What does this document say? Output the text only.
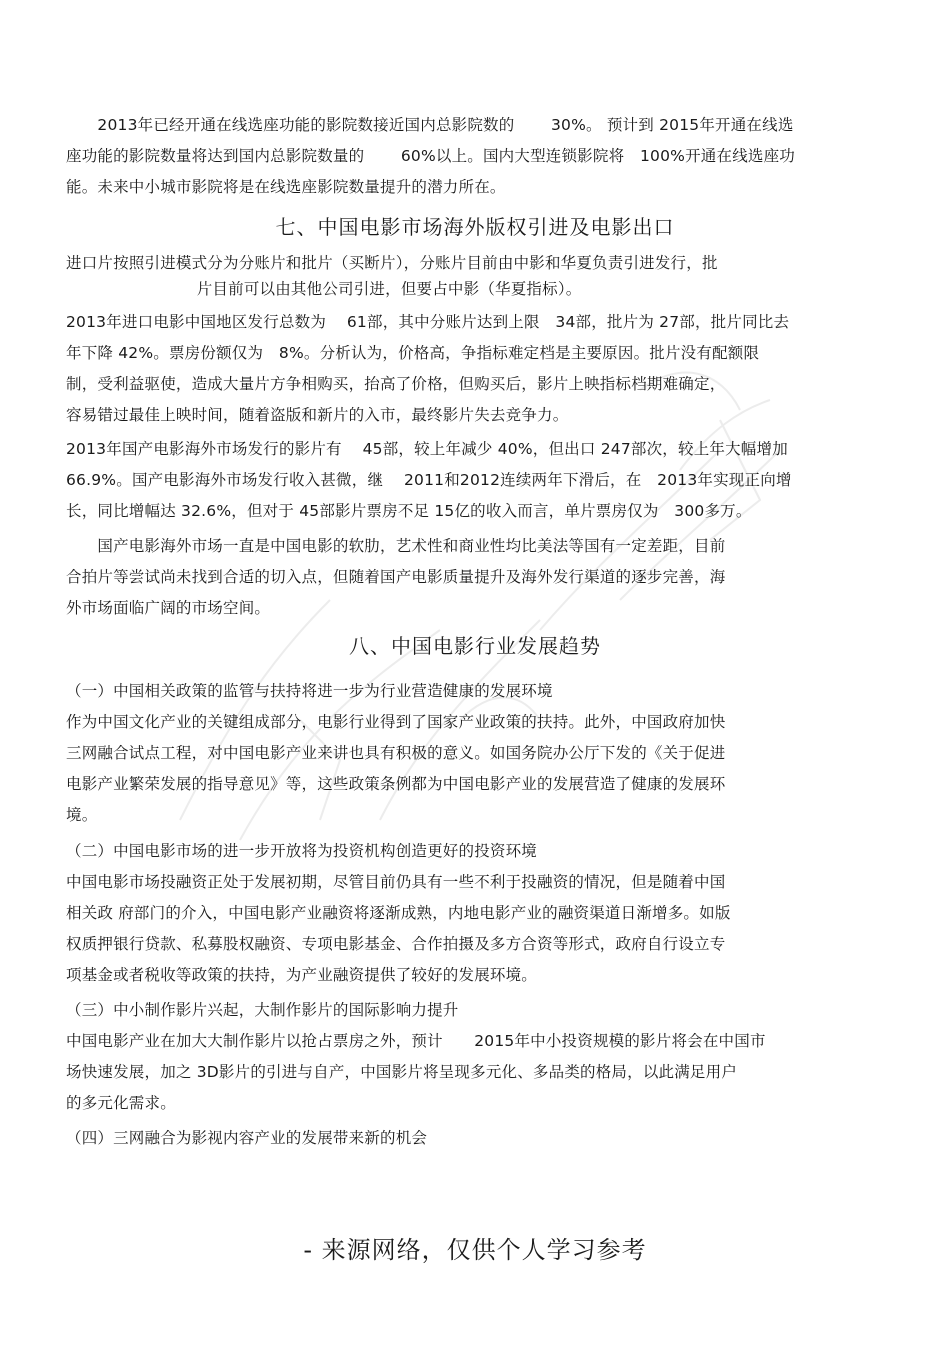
　　2013年已经开通在线选座功能的影院数接近国内总影院数的　　 30%。 预计到 2015年开通在线选
座功能的影院数量将达到国内总影院数量的　　 60%以上。国内大型连锁影院将　100%开通在线选座功
能。未来中小城市影院将是在线选座影院数量提升的潜力所在。
七、中国电影市场海外版权引进及电影出口
进口片按照引进模式分为分账片和批片（买断片），分账片目前由中影和华夏负责引进发行，批
　　　　　　　　 片目前可以由其他公司引进，但要占中影（华夏指标）。
2013年进口电影中国地区发行总数为　 61部，其中分账片达到上限　34部，批片为 27部，批片同比去
年下降 42%。票房份额仅为　8%。分析认为，价格高，争指标难定档是主要原因。批片没有配额限
制，受利益驱使，造成大量片方争相购买，抬高了价格，但购买后，影片上映指标档期难确定，
容易错过最佳上映时间，随着盗版和新片的入市，最终影片失去竞争力。
2013年国产电影海外市场发行的影片有　 45部，较上年减少 40%，但出口 247部次，较上年大幅增加
66.9%。国产电影海外市场发行收入甚微，继　 2011和2012连续两年下滑后，在　2013年实现正向增
长，同比增幅达 32.6%，但对于 45部影片票房不足 15亿的收入而言，单片票房仅为　300多万。
　　国产电影海外市场一直是中国电影的软肋，艺术性和商业性均比美法等国有一定差距，目前
合拍片等尝试尚未找到合适的切入点，但随着国产电影质量提升及海外发行渠道的逐步完善，海
外市场面临广阔的市场空间。
八、中国电影行业发展趋势
（一）中国相关政策的监管与扶持将进一步为行业营造健康的发展环境
作为中国文化产业的关键组成部分，电影行业得到了国家产业政策的扶持。此外，中国政府加快
三网融合试点工程，对中国电影产业来讲也具有积极的意义。如国务院办公厅下发的《关于促进
电影产业繁荣发展的指导意见》等，这些政策条例都为中国电影产业的发展营造了健康的发展环
境。
（二）中国电影市场的进一步开放将为投资机构创造更好的投资环境
中国电影市场投融资正处于发展初期，尽管目前仍具有一些不利于投融资的情况，但是随着中国
相关政 府部门的介入，中国电影产业融资将逐渐成熟，内地电影产业的融资渠道日渐增多。如版
权质押银行贷款、私募股权融资、专项电影基金、合作拍摄及多方合资等形式，政府自行设立专
项基金或者税收等政策的扶持，为产业融资提供了较好的发展环境。
（三）中小制作影片兴起，大制作影片的国际影响力提升
中国电影产业在加大大制作影片以抢占票房之外，预计　　2015年中小投资规模的影片将会在中国市
场快速发展，加之 3D影片的引进与自产，中国影片将呈现多元化、多品类的格局，以此满足用户
的多元化需求。
（四）三网融合为影视内容产业的发展带来新的机会
- 来源网络，仅供个人学习参考
